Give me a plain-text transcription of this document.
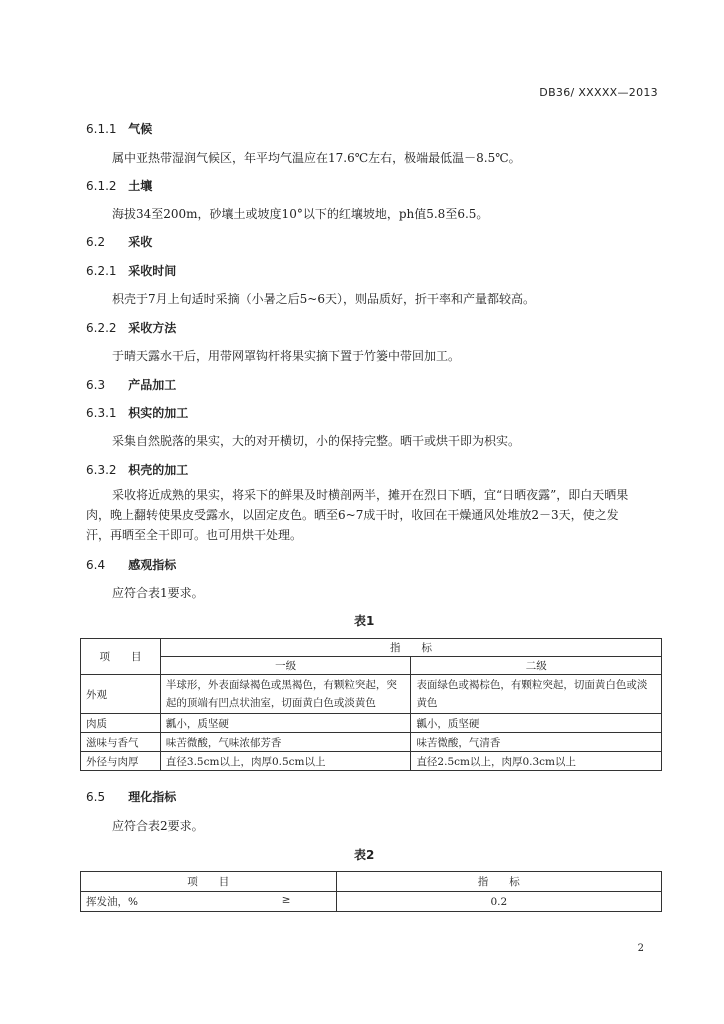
DB36/ XXXXX—2013
6.1.1 气候
属中亚热带湿润气候区，年平均气温应在17.6℃左右，极端最低温－8.5℃。
6.1.2 土壤
海拔34至200m，砂壤土或坡度10°以下的红壤坡地，ph值5.8至6.5。
6.2 采收
6.2.1 采收时间
枳壳于7月上旬适时采摘（小暑之后5~6天），则品质好，折干率和产量都较高。
6.2.2 采收方法
于晴天露水干后，用带网罩钩杆将果实摘下置于竹篓中带回加工。
6.3 产品加工
6.3.1 枳实的加工
采集自然脱落的果实，大的对开横切，小的保持完整。晒干或烘干即为枳实。
6.3.2 枳壳的加工
采收将近成熟的果实，将采下的鲜果及时横剖两半，摊开在烈日下晒，宜“日晒夜露”，即白天晒果肉，晚上翻转使果皮受露水，以固定皮色。晒至6~7成干时，收回在干燥通风处堆放2－3天，使之发汗，再晒至全干即可。也可用烘干处理。
6.4 感观指标
应符合表1要求。
表1
项　　目	指　　标	
	一级	二级
外观	半球形，外表面绿褐色或黑褐色，有颗粒突起，突起的顶端有凹点状油室，切面黄白色或淡黄色	表面绿色或褐棕色，有颗粒突起，切面黄白色或淡黄色
肉质	瓤小，质坚硬	瓤小，质坚硬
滋味与香气	味苦微酸，气味浓郁芳香	味苦微酸，气清香
外径与肉厚	直径3.5cm以上，肉厚0.5cm以上	直径2.5cm以上，肉厚0.3cm以上
6.5 理化指标
应符合表2要求。
表2
项　　目	指　　标
挥发油，% ≥	0.2
2
